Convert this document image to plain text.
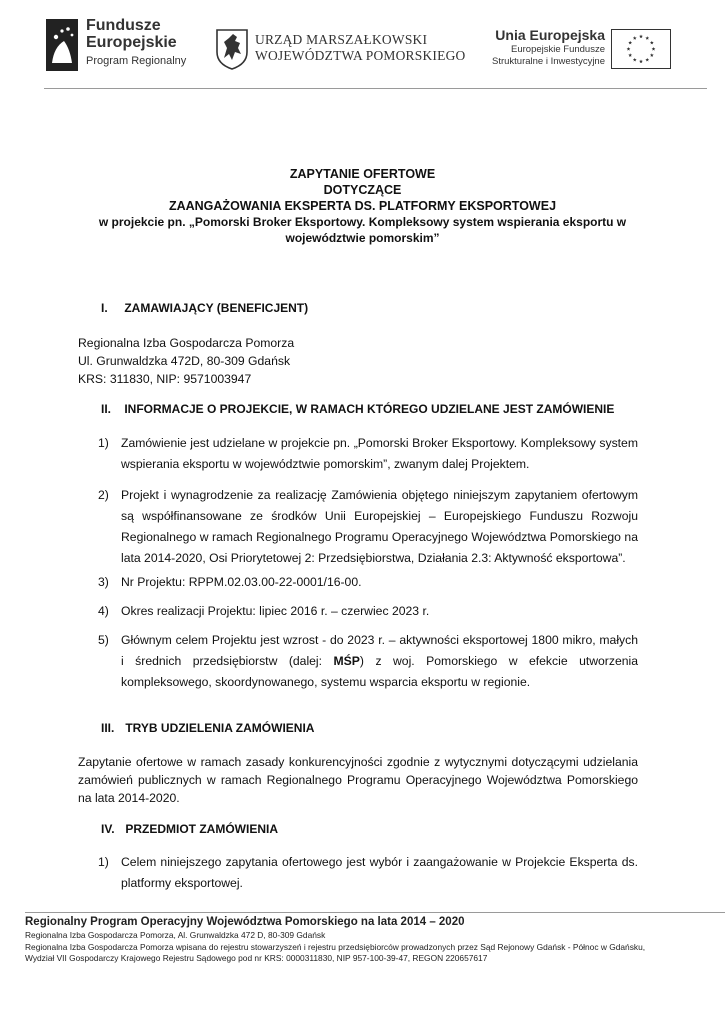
Fundusze
Europejskie
Program Regionalny
URZĄD MARSZAŁKOWSKI
WOJEWÓDZTWA POMORSKIEGO
Unia Europejska
Europejskie Fundusze
Strukturalne i Inwestycyjne
ZAPYTANIE OFERTOWE
DOTYCZĄCE
ZAANGAŻOWANIA EKSPERTA DS. PLATFORMY EKSPORTOWEJ
w projekcie pn. „Pomorski Broker Eksportowy. Kompleksowy system wspierania eksportu w
województwie pomorskim”
I. ZAMAWIAJĄCY (BENEFICJENT)
Regionalna Izba Gospodarcza Pomorza
Ul. Grunwaldzka 472D, 80-309 Gdańsk
KRS: 311830, NIP: 9571003947
II. INFORMACJE O PROJEKCIE, W RAMACH KTÓREGO UDZIELANE JEST ZAMÓWIENIE
1) Zamówienie jest udzielane w projekcie pn. „Pomorski Broker Eksportowy. Kompleksowy system wspierania eksportu w województwie pomorskim”, zwanym dalej Projektem.
2) Projekt i wynagrodzenie za realizację Zamówienia objętego niniejszym zapytaniem ofertowym są współfinansowane ze środków Unii Europejskiej – Europejskiego Funduszu Rozwoju Regionalnego w ramach Regionalnego Programu Operacyjnego Województwa Pomorskiego na lata 2014-2020, Osi Priorytetowej 2: Przedsiębiorstwa, Działania 2.3: Aktywność eksportowa”.
3) Nr Projektu: RPPM.02.03.00-22-0001/16-00.
4) Okres realizacji Projektu: lipiec 2016 r. – czerwiec 2023 r.
5) Głównym celem Projektu jest wzrost - do 2023 r. – aktywności eksportowej 1800 mikro, małych i średnich przedsiębiorstw (dalej: MŚP) z woj. Pomorskiego w efekcie utworzenia kompleksowego, skoordynowanego, systemu wsparcia eksportu w regionie.
III. TRYB UDZIELENIA ZAMÓWIENIA
Zapytanie ofertowe w ramach zasady konkurencyjności zgodnie z wytycznymi dotyczącymi udzielania zamówień publicznych w ramach Regionalnego Programu Operacyjnego Województwa Pomorskiego na lata 2014-2020.
IV. PRZEDMIOT ZAMÓWIENIA
1) Celem niniejszego zapytania ofertowego jest wybór i zaangażowanie w Projekcie Eksperta ds. platformy eksportowej.
Regionalny Program Operacyjny Województwa Pomorskiego na lata 2014 – 2020
Regionalna Izba Gospodarcza Pomorza, Al. Grunwaldzka 472 D, 80-309 Gdańsk
Regionalna Izba Gospodarcza Pomorza wpisana do rejestru stowarzyszeń i rejestru przedsiębiorców prowadzonych przez Sąd Rejonowy Gdańsk - Północ w Gdańsku,
Wydział VII Gospodarczy Krajowego Rejestru Sądowego pod nr KRS: 0000311830, NIP 957-100-39-47, REGON 220657617
